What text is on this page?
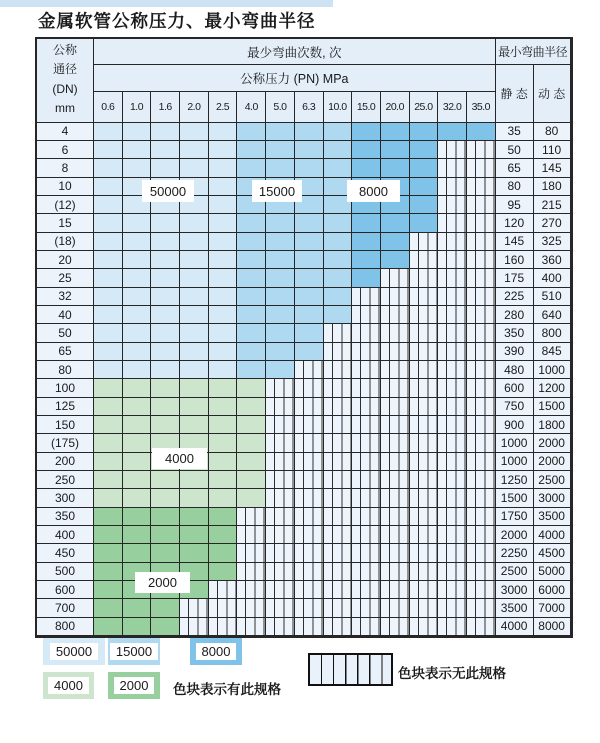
金属软管公称压力、最小弯曲半径
公称
通径
(DN)
mm
最少弯曲次数, 次	最小弯曲半径
公称压力 (PN) MPa
静 态 动 态
0.6	1.0	1.6	2.0	2.5	4.0	5.0	6.3	10.0 15.0 20.0 25.0 32.0 35.0
4	35	80
6	50	110
8	65	145
10	80	180
(12)	95	215
15	120	270
(18)	145	325
20	160	360
25	175	400
32	225	510
40	280	640
50	350	800
65	390	845
80	480	1000
100	600	1200
125	750	1500
150	900	1800
(175)	1000 2000
200	1000 2000
250	1250 2500
300	1500 3000
350	1750 3500
400	2000 4000
450	2250 4500
500	2500 5000
600	3000 6000
700	3500 7000
800	4000 8000
50000	15000	8000
4000
2000
50000	15000	8000
4000	2000	色块表示有此规格
色块表示无此规格
